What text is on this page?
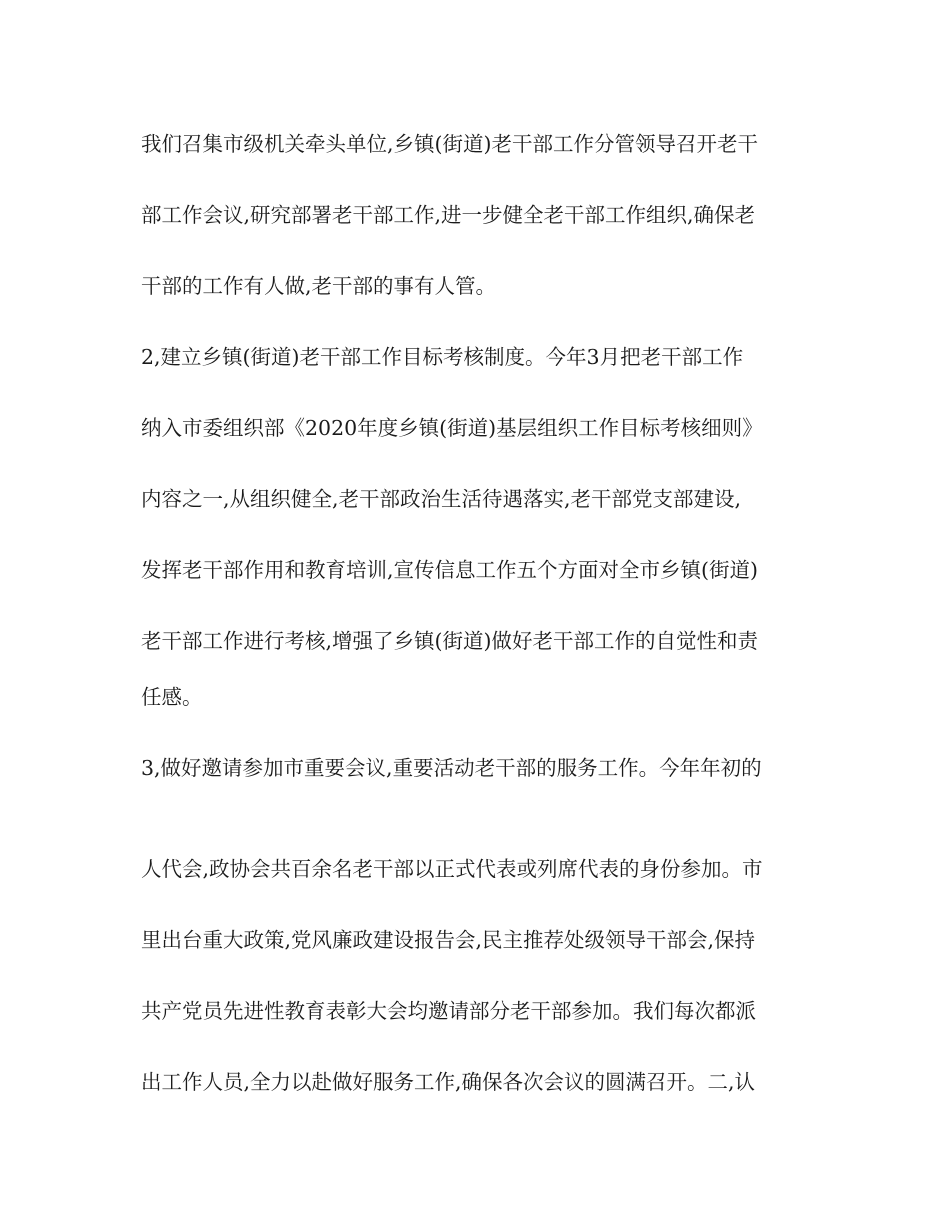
我们召集市级机关牵头单位,乡镇(街道)老干部工作分管领导召开老干
部工作会议,研究部署老干部工作,进一步健全老干部工作组织,确保老
干部的工作有人做,老干部的事有人管。
2,建立乡镇(街道)老干部工作目标考核制度。今年3月把老干部工作
纳入市委组织部《2020年度乡镇(街道)基层组织工作目标考核细则》
内容之一,从组织健全,老干部政治生活待遇落实,老干部党支部建设,
发挥老干部作用和教育培训,宣传信息工作五个方面对全市乡镇(街道)
老干部工作进行考核,增强了乡镇(街道)做好老干部工作的自觉性和责
任感。
3,做好邀请参加市重要会议,重要活动老干部的服务工作。今年年初的
人代会,政协会共百余名老干部以正式代表或列席代表的身份参加。市
里出台重大政策,党风廉政建设报告会,民主推荐处级领导干部会,保持
共产党员先进性教育表彰大会均邀请部分老干部参加。我们每次都派
出工作人员,全力以赴做好服务工作,确保各次会议的圆满召开。二,认
